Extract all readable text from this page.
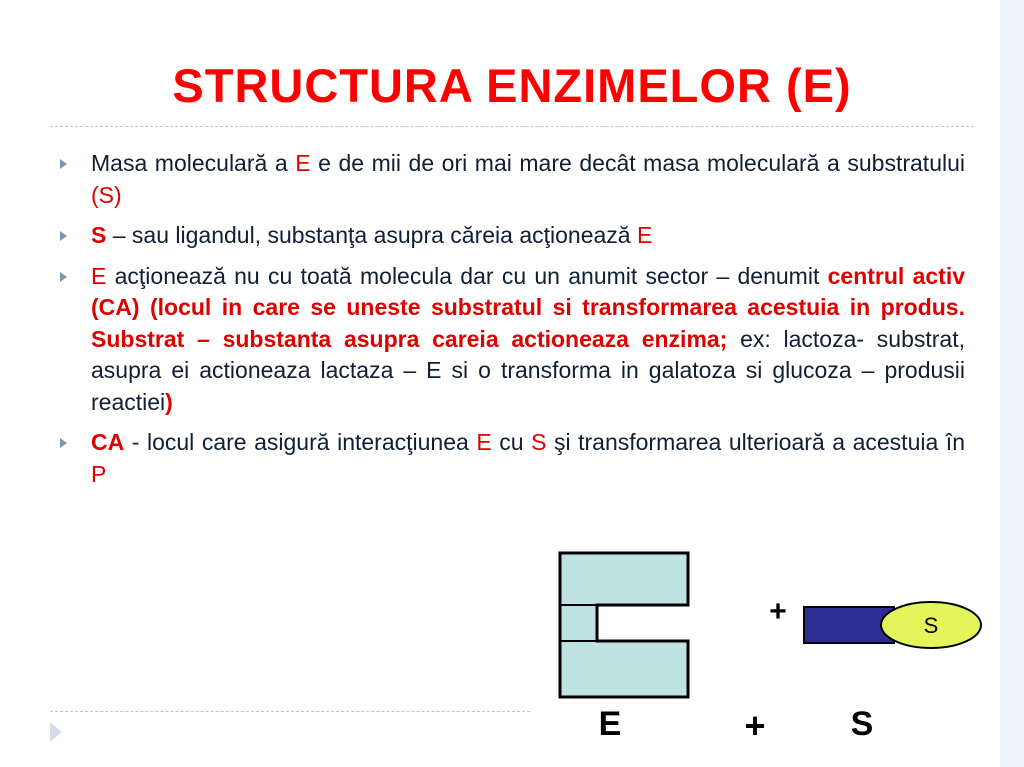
STRUCTURA ENZIMELOR (E)
Masa moleculară a E e de mii de ori mai mare decât masa moleculară a substratului (S)
S – sau ligandul, substanţa asupra căreia acţionează E
E acţionează nu cu toată molecula dar cu un anumit sector – denumit centrul activ (CA) (locul in care se uneste substratul si transformarea acestuia in produs. Substrat – substanta asupra careia actioneaza enzima; ex: lactoza- substrat, asupra ei actioneaza lactaza – E si o transforma in galatoza si glucoza – produsii reactiei)
CA - locul care asigură interacţiunea E cu S şi transformarea ulterioară a acestuia în P
+	S
E	+	S
